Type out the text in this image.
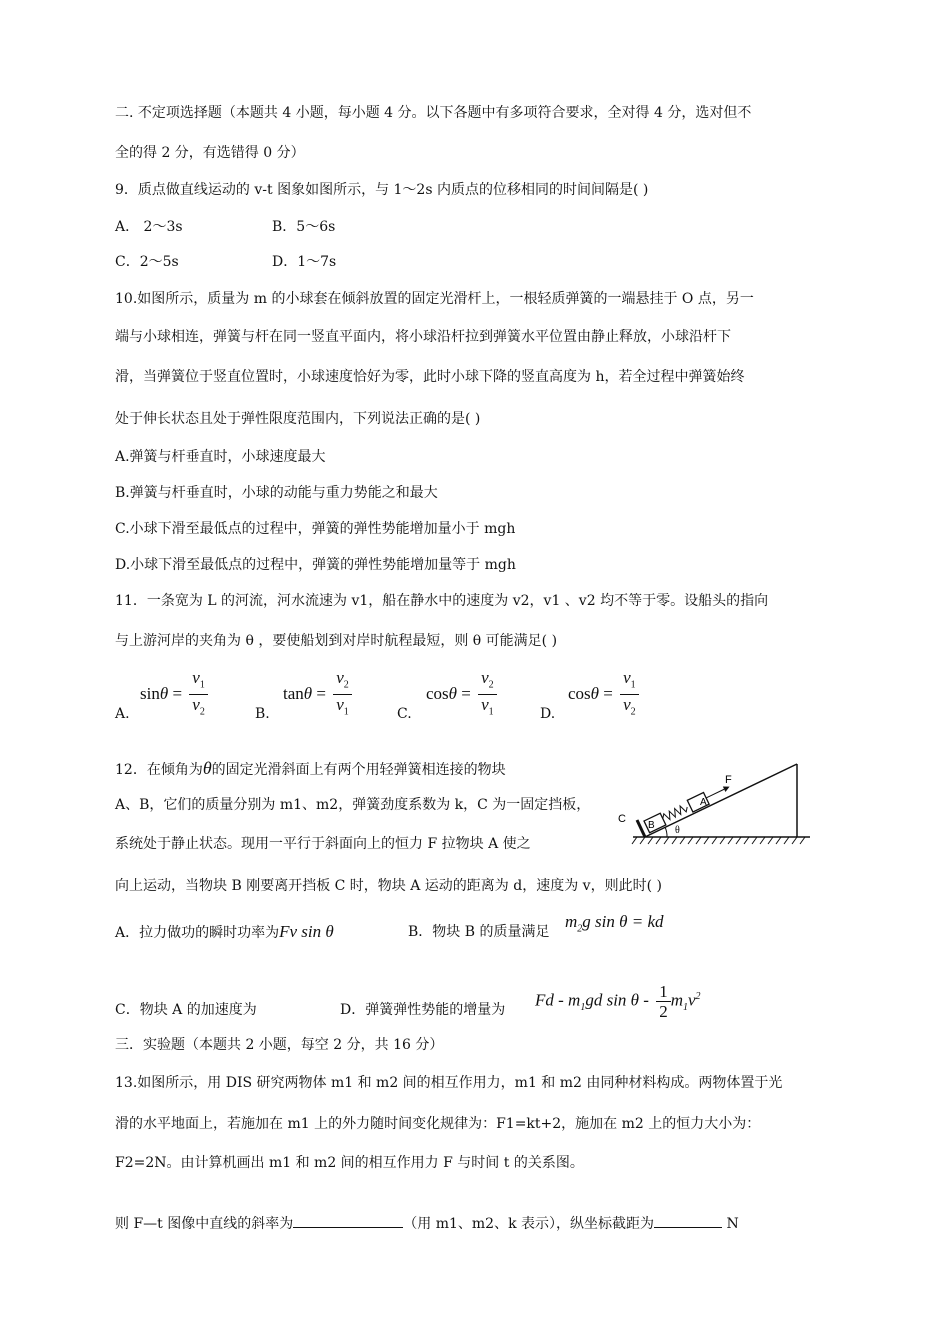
二. 不定项选择题（本题共 4 小题，每小题 4 分。以下各题中有多项符合要求，全对得 4 分，选对但不
全的得 2 分，有选错得 0 分）
9．质点做直线运动的 v-t 图象如图所示，与 1～2s 内质点的位移相同的时间间隔是( )
A． 2～3s	B．5～6s
C．2～5s	D．1～7s
10.如图所示，质量为 m 的小球套在倾斜放置的固定光滑杆上，一根轻质弹簧的一端悬挂于 O 点，另一
端与小球相连，弹簧与杆在同一竖直平面内，将小球沿杆拉到弹簧水平位置由静止释放，小球沿杆下
滑，当弹簧位于竖直位置时，小球速度恰好为零，此时小球下降的竖直高度为 h，若全过程中弹簧始终
处于伸长状态且处于弹性限度范围内，下列说法正确的是( )
A.弹簧与杆垂直时，小球速度最大
B.弹簧与杆垂直时，小球的动能与重力势能之和最大
C.小球下滑至最低点的过程中，弹簧的弹性势能增加量小于 mgh
D.小球下滑至最低点的过程中，弹簧的弹性势能增加量等于 mgh
11．一条宽为 L 的河流，河水流速为 v1，船在静水中的速度为 v2，v1 、v2 均不等于零。设船头的指向
与上游河岸的夹角为 θ ，要使船划到对岸时航程最短，则 θ 可能满足( )
A.
$\sin\theta = \frac{v_1}{v_2}$	B.
$\tan\theta = \frac{v_2}{v_1}$	C.
$\cos\theta = \frac{v_2}{v_1}$	D.
$\cos\theta = \frac{v_1}{v_2}$
12．在倾角为θ的固定光滑斜面上有两个用轻弹簧相连接的物块
A、B，它们的质量分别为 m1、m2，弹簧劲度系数为 k，C 为一固定挡板，
系统处于静止状态。现用一平行于斜面向上的恒力 F 拉物块 A 使之
向上运动，当物块 B 刚要离开挡板 C 时，物块 A 运动的距离为 d，速度为 v，则此时( )
C
B
A
F
θ
A．拉力做功的瞬时功率为Fv sin θ	B．物块 B 的质量满足
$m_2g$ sin θ = kd
Fd - $m_1gd$ sin θ - $\frac{1}{2} m_1v^2$
C．物块 A 的加速度为	D．弹簧弹性势能的增量为
三．实验题（本题共 2 小题，每空 2 分，共 16 分）
13.如图所示，用 DIS 研究两物体 m1 和 m2 间的相互作用力，m1 和 m2 由同种材料构成。两物体置于光
滑的水平地面上，若施加在 m1 上的外力随时间变化规律为：F1=kt+2，施加在 m2 上的恒力大小为：
F2=2N。由计算机画出 m1 和 m2 间的相互作用力 F 与时间 t 的关系图。
则 F—t 图像中直线的斜率为	（用 m1、m2、k 表示），纵坐标截距为	N
